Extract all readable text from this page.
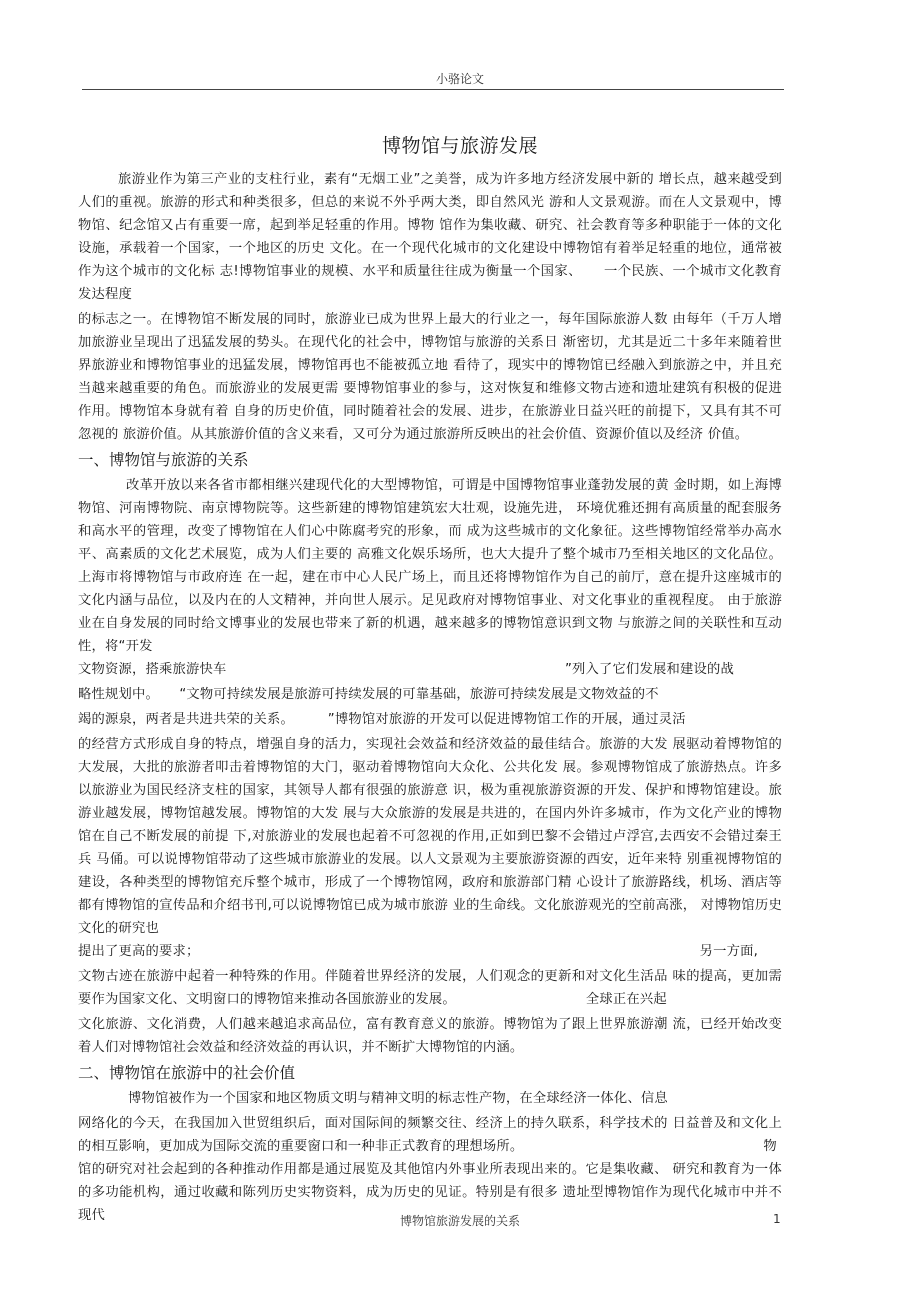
小骆论文
博物馆与旅游发展

旅游业作为第三产业的支柱行业，素有“无烟工业”之美誉，成为许多地方经济发展中新的 增长点，越来越受到人们的重视。旅游的形式和种类很多，但总的来说不外乎两大类，即自然风光 游和人文景观游。而在人文景观中，博物馆、纪念馆又占有重要一席，起到举足轻重的作用。博物 馆作为集收藏、研究、社会教育等多种职能于一体的文化设施，承载着一个国家，一个地区的历史 文化。在一个现代化城市的文化建设中博物馆有着举足轻重的地位，通常被作为这个城市的文化标 志!博物馆事业的规模、水平和质量往往成为衡量一个国家、 一个民族、一个城市文化教育发达程度

的标志之一。在博物馆不断发展的同时，旅游业已成为世界上最大的行业之一，每年国际旅游人数 由每年（千万人增加旅游业呈现出了迅猛发展的势头。在现代化的社会中，博物馆与旅游的关系日 渐密切，尤其是近二十多年来随着世界旅游业和博物馆事业的迅猛发展，博物馆再也不能被孤立地 看待了，现实中的博物馆已经融入到旅游之中，并且充当越来越重要的角色。而旅游业的发展更需 要博物馆事业的参与，这对恢复和维修文物古迹和遗址建筑有积极的促进作用。博物馆本身就有着 自身的历史价值，同时随着社会的发展、进步，在旅游业日益兴旺的前提下，又具有其不可忽视的 旅游价值。从其旅游价值的含义来看，又可分为通过旅游所反映出的社会价值、资源价值以及经济 价值。

一、博物馆与旅游的关系

改革开放以来各省市都相继兴建现代化的大型博物馆，可谓是中国博物馆事业蓬勃发展的黄 金时期，如上海博物馆、河南博物院、南京博物院等。这些新建的博物馆建筑宏大壮观，设施先进， 环境优雅还拥有高质量的配套服务和高水平的管理，改变了博物馆在人们心中陈腐考究的形象，而 成为这些城市的文化象征。这些博物馆经常举办高水平、高素质的文化艺术展览，成为人们主要的 高雅文化娱乐场所，也大大提升了整个城市乃至相关地区的文化品位。上海市将博物馆与市政府连 在一起，建在市中心人民广场上，而且还将博物馆作为自己的前厅，意在提升这座城市的文化内涵与品位，以及内在的人文精神，并向世人展示。足见政府对博物馆事业、对文化事业的重视程度。 由于旅游业在自身发展的同时给文博事业的发展也带来了新的机遇，越来越多的博物馆意识到文物 与旅游之间的关联性和互动性，将“开发

文物资源，搭乘旅游快车	”列入了它们发展和建设的战
略性规划中。　　“文物可持续发展是旅游可持续发展的可靠基础，旅游可持续发展是文物效益的不
竭的源泉，两者是共进共荣的关系。　　　”博物馆对旅游的开发可以促进博物馆工作的开展，通过灵活

的经营方式形成自身的特点，增强自身的活力，实现社会效益和经济效益的最佳结合。旅游的大发 展驱动着博物馆的大发展，大批的旅游者叩击着博物馆的大门，驱动着博物馆向大众化、公共化发 展。参观博物馆成了旅游热点。许多以旅游业为国民经济支柱的国家，其领导人都有很强的旅游意 识，极为重视旅游资源的开发、保护和博物馆建设。旅游业越发展，博物馆越发展。博物馆的大发 展与大众旅游的发展是共进的，在国内外许多城市，作为文化产业的博物馆在自己不断发展的前提 下,对旅游业的发展也起着不可忽视的作用,正如到巴黎不会错过卢浮宫,去西安不会错过秦王兵 马俑。可以说博物馆带动了这些城市旅游业的发展。以人文景观为主要旅游资源的西安，近年来特 别重视博物馆的建设，各种类型的博物馆充斥整个城市，形成了一个博物馆网，政府和旅游部门精 心设计了旅游路线，机场、酒店等都有博物馆的宣传品和介绍书刊,可以说博物馆已成为城市旅游 业的生命线。文化旅游观光的空前高涨， 对博物馆历史文化的研究也

提出了更高的要求；	另一方面,

文物古迹在旅游中起着一种特殊的作用。伴随着世界经济的发展，人们观念的更新和对文化生活品 味的提高，更加需要作为国家文化、文明窗口的博物馆来推动各国旅游业的发展。	全球正在兴起

文化旅游、文化消费，人们越来越追求高品位，富有教育意义的旅游。博物馆为了跟上世界旅游潮 流，已经开始改变着人们对博物馆社会效益和经济效益的再认识，并不断扩大博物馆的内涵。

二、博物馆在旅游中的社会价值
博物馆被作为一个国家和地区物质文明与精神文明的标志性产物，在全球经济一体化、信息

网络化的今天，在我国加入世贸组织后，面对国际间的频繁交往、经济上的持久联系，科学技术的 日益普及和文化上的相互影响，更加成为国际交流的重要窗口和一种非正式教育的理想场所。	物

馆的研究对社会起到的各种推动作用都是通过展览及其他馆内外事业所表现出来的。它是集收藏、 研究和教育为一体的多功能机构，通过收藏和陈列历史实物资料，成为历史的见证。特别是有很多 遗址型博物馆作为现代化城市中并不现代	博物馆旅游发展的关系	1
